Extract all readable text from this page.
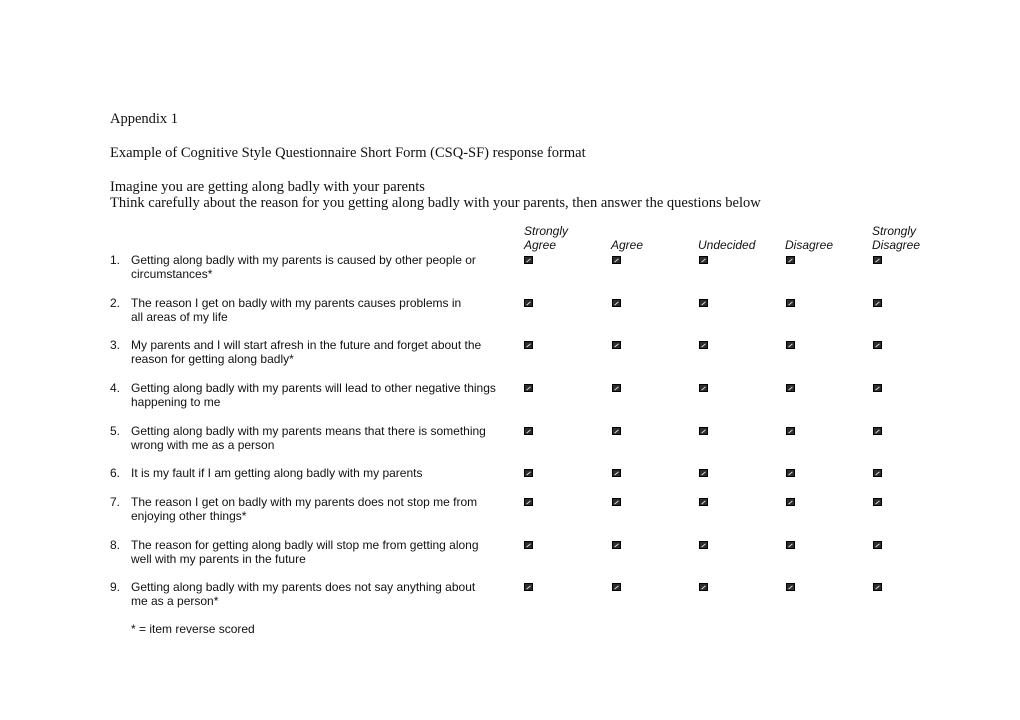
Appendix 1
Example of Cognitive Style Questionnaire Short Form (CSQ-SF) response format
Imagine you are getting along badly with your parents
Think carefully about the reason for you getting along badly with your parents, then answer the questions below
Strongly
Agree	Agree	Undecided Disagree
Strongly
Disagree
1. Getting along badly with my parents is caused by other people or
circumstances*
2. The reason I get on badly with my parents causes problems in
all areas of my life
3. My parents and I will start afresh in the future and forget about the
reason for getting along badly*
4. Getting along badly with my parents will lead to other negative things
happening to me
5. Getting along badly with my parents means that there is something
wrong with me as a person
6. It is my fault if I am getting along badly with my parents
7. The reason I get on badly with my parents does not stop me from
enjoying other things*
8. The reason for getting along badly will stop me from getting along
well with my parents in the future
9. Getting along badly with my parents does not say anything about
me as a person*
* = item reverse scored
